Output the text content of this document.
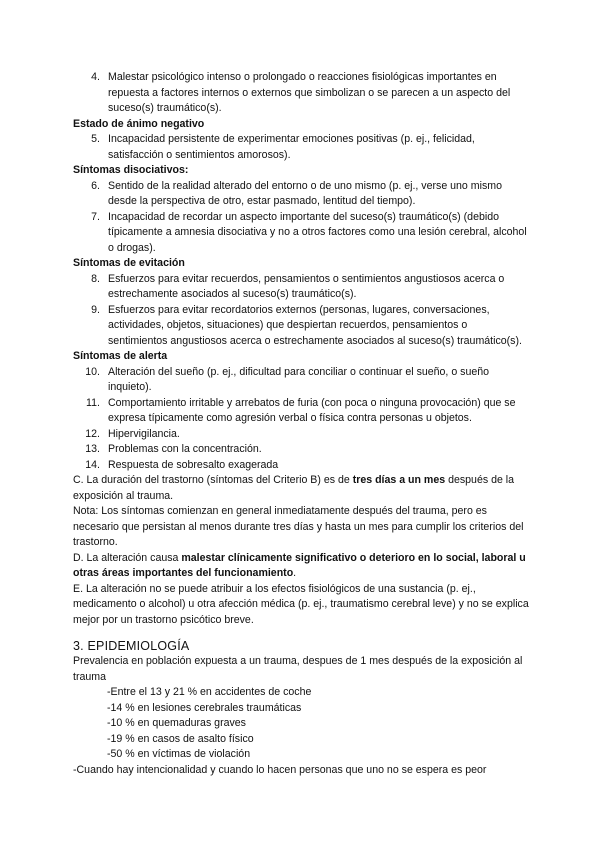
4. Malestar psicológico intenso o prolongado o reacciones fisiológicas importantes en repuesta a factores internos o externos que simbolizan o se parecen a un aspecto del suceso(s) traumático(s).
Estado de ánimo negativo
5. Incapacidad persistente de experimentar emociones positivas (p. ej., felicidad, satisfacción o sentimientos amorosos).
Síntomas disociativos:
6. Sentido de la realidad alterado del entorno o de uno mismo (p. ej., verse uno mismo desde la perspectiva de otro, estar pasmado, lentitud del tiempo).
7. Incapacidad de recordar un aspecto importante del suceso(s) traumático(s) (debido típicamente a amnesia disociativa y no a otros factores como una lesión cerebral, alcohol o drogas).
Síntomas de evitación
8. Esfuerzos para evitar recuerdos, pensamientos o sentimientos angustiosos acerca o estrechamente asociados al suceso(s) traumático(s).
9. Esfuerzos para evitar recordatorios externos (personas, lugares, conversaciones, actividades, objetos, situaciones) que despiertan recuerdos, pensamientos o sentimientos angustiosos acerca o estrechamente asociados al suceso(s) traumático(s).
Síntomas de alerta
10. Alteración del sueño (p. ej., dificultad para conciliar o continuar el sueño, o sueño inquieto).
11. Comportamiento irritable y arrebatos de furia (con poca o ninguna provocación) que se expresa típicamente como agresión verbal o física contra personas u objetos.
12. Hipervigilancia.
13. Problemas con la concentración.
14. Respuesta de sobresalto exagerada

C. La duración del trastorno (síntomas del Criterio B) es de tres días a un mes después de la exposición al trauma.

Nota: Los síntomas comienzan en general inmediatamente después del trauma, pero es necesario que persistan al menos durante tres días y hasta un mes para cumplir los criterios del trastorno.

D. La alteración causa malestar clínicamente significativo o deterioro en lo social, laboral u otras áreas importantes del funcionamiento.

E. La alteración no se puede atribuir a los efectos fisiológicos de una sustancia (p. ej., medicamento o alcohol) u otra afección médica (p. ej., traumatismo cerebral leve) y no se explica mejor por un trastorno psicótico breve.

3. EPIDEMIOLOGÍA

Prevalencia en población expuesta a un trauma, despues de 1 mes después de la exposición al trauma

-Entre el 13 y 21 % en accidentes de coche
-14 % en lesiones cerebrales traumáticas
-10 % en quemaduras graves
-19 % en casos de asalto físico
-50 % en víctimas de violación

-Cuando hay intencionalidad y cuando lo hacen personas que uno no se espera es peor
